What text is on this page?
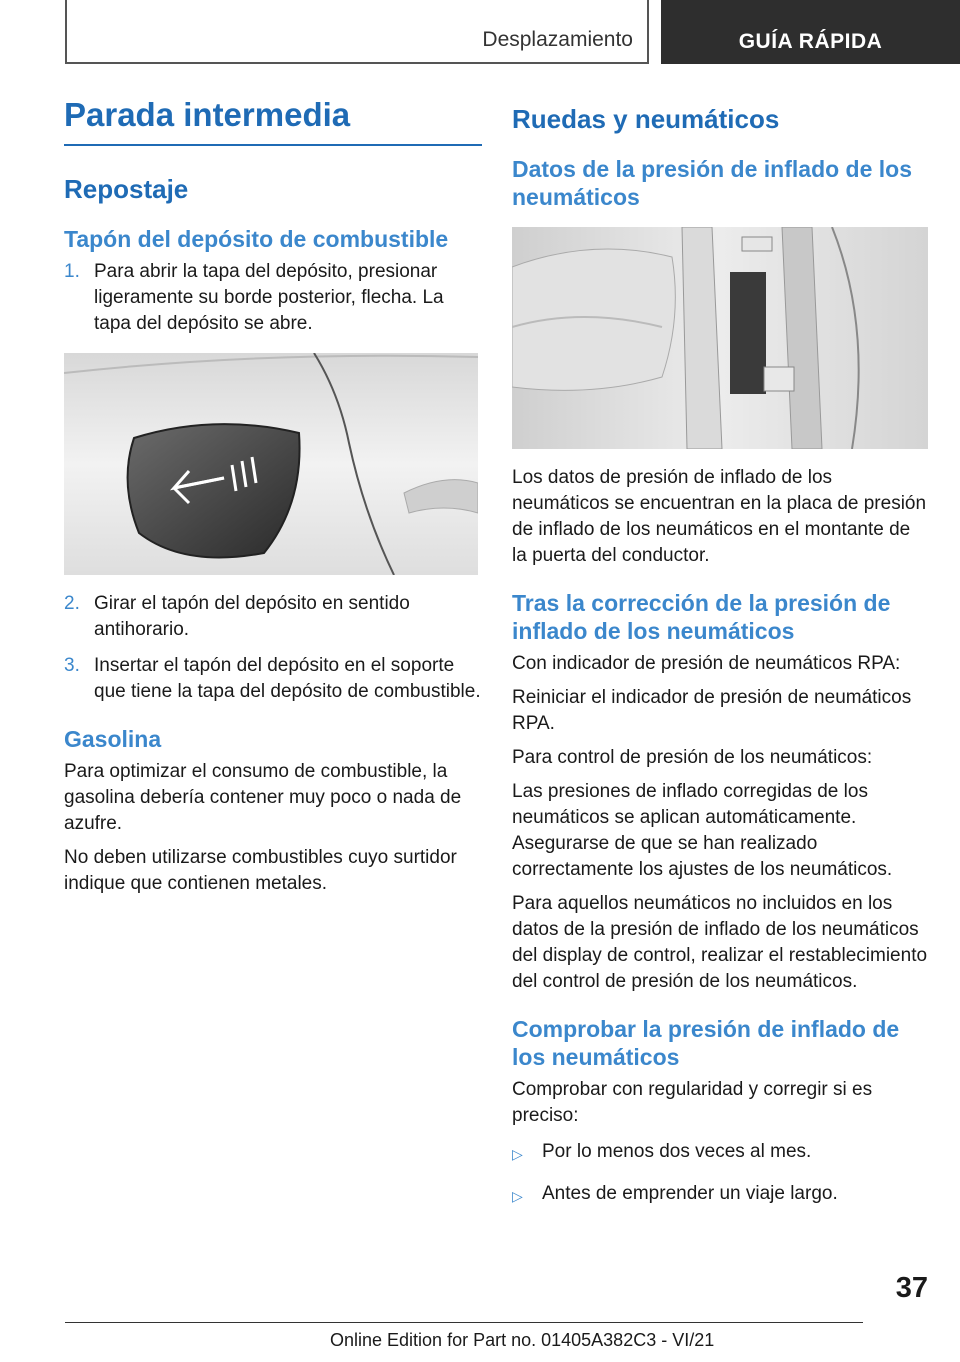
Desplazamiento	GUÍA RÁPIDA
Parada intermedia
Repostaje
Tapón del depósito de combustible
1. Para abrir la tapa del depósito, presionar ligeramente su borde posterior, flecha. La tapa del depósito se abre.
2. Girar el tapón del depósito en sentido antihorario.
3. Insertar el tapón del depósito en el soporte que tiene la tapa del depósito de combustible.
Gasolina

Para optimizar el consumo de combustible, la gasolina debería contener muy poco o nada de azufre.

No deben utilizarse combustibles cuyo surtidor indique que contienen metales.

Ruedas y neumáticos
Datos de la presión de inflado de los neumáticos

Los datos de presión de inflado de los neumáticos se encuentran en la placa de presión de inflado de los neumáticos en el montante de la puerta del conductor.

Tras la corrección de la presión de inflado de los neumáticos

Con indicador de presión de neumáticos RPA:

Reiniciar el indicador de presión de neumáticos RPA.

Para control de presión de los neumáticos:

Las presiones de inflado corregidas de los neumáticos se aplican automáticamente. Asegurarse de que se han realizado correctamente los ajustes de los neumáticos.

Para aquellos neumáticos no incluidos en los datos de la presión de inflado de los neumáticos del display de control, realizar el restablecimiento del control de presión de los neumáticos.

Comprobar la presión de inflado de los neumáticos

Comprobar con regularidad y corregir si es preciso:

▷	Por lo menos dos veces al mes.
▷	Antes de emprender un viaje largo.
37
Online Edition for Part no. 01405A382C3 - VI/21
